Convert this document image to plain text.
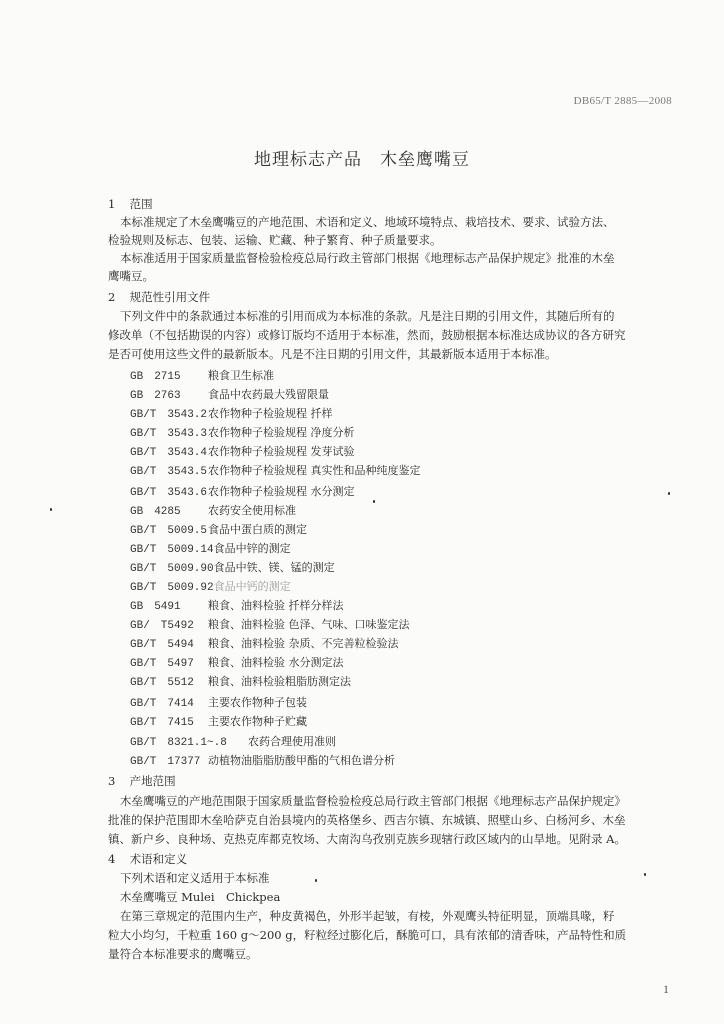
DB65/T 2885—2008
地理标志产品　木垒鹰嘴豆
1 范围
本标准规定了木垒鹰嘴豆的产地范围、术语和定义、地域环境特点、栽培技术、要求、试验方法、
检验规则及标志、包装、运输、贮藏、种子繁育、种子质量要求。
本标准适用于国家质量监督检验检疫总局行政主管部门根据《地理标志产品保护规定》批准的木垒
鹰嘴豆。
2 规范性引用文件
下列文件中的条款通过本标准的引用而成为本标准的条款。凡是注日期的引用文件，其随后所有的
修改单（不包括勘误的内容）或修订版均不适用于本标准，然而，鼓励根据本标准达成协议的各方研究
是否可使用这些文件的最新版本。凡是不注日期的引用文件，其最新版本适用于本标准。
GB　2715 粮食卫生标准
GB　2763 食品中农药最大残留限量
GB/T　3543.2农作物种子检验规程 扦样
GB/T　3543.3农作物种子检验规程 净度分析
GB/T　3543.4农作物种子检验规程 发芽试验
GB/T　3543.5农作物种子检验规程 真实性和品种纯度鉴定
GB/T　3543.6农作物种子检验规程 水分测定
GB　4285 农药安全使用标准
GB/T　5009.5食品中蛋白质的测定
GB/T　5009.14食品中锌的测定
GB/T　5009.90食品中铁、镁、锰的测定
GB/T　5009.92食品中钙的测定
GB　5491 粮食、油料检验 扦样分样法
GB/　T5492 粮食、油料检验 色泽、气味、口味鉴定法
GB/T　5494 粮食、油料检验 杂质、不完善粒检验法
GB/T　5497 粮食、油料检验 水分测定法
GB/T　5512 粮食、油料检验粗脂肪测定法
GB/T　7414 主要农作物种子包装
GB/T　7415 主要农作物种子贮藏
GB/T　8321.1~.8 农药合理使用准则
GB/T　17377 动植物油脂脂肪酸甲酯的气相色谱分析
3 产地范围
木垒鹰嘴豆的产地范围限于国家质量监督检验检疫总局行政主管部门根据《地理标志产品保护规定》
批准的保护范围即木垒哈萨克自治县境内的英格堡乡、西吉尔镇、东城镇、照壁山乡、白杨河乡、木垒
镇、新户乡、良种场、克热克库都克牧场、大南沟乌孜别克族乡现辖行政区域内的山旱地。见附录 A。
4 术语和定义
下列术语和定义适用于本标准
木垒鹰嘴豆 Mulei　Chickpea
在第三章规定的范围内生产，种皮黄褐色，外形半起皱，有棱，外观鹰头特征明显，顶端具喙，籽
粒大小均匀，千粒重 160 g～200 g，籽粒经过膨化后，酥脆可口，具有浓郁的清香味，产品特性和质
量符合本标准要求的鹰嘴豆。
1
